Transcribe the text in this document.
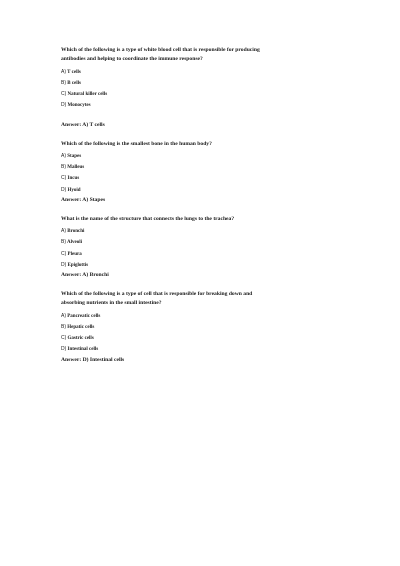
Which of the following is a type of white blood cell that is responsible for producing
antibodies and helping to coordinate the immune response?

A) T cells
B) B cells
C) Natural killer cells
D) Monocytes

Answer: A) T cells

Which of the following is the smallest bone in the human body?

A) Stapes
B) Malleus
C) Incus
D) Hyoid

Answer: A) Stapes

What is the name of the structure that connects the lungs to the trachea?

A) Bronchi
B) Alveoli
C) Pleura
D) Epiglottis

Answer: A) Bronchi

Which of the following is a type of cell that is responsible for breaking down and
absorbing nutrients in the small intestine?

A) Pancreatic cells
B) Hepatic cells
C) Gastric cells
D) Intestinal cells

Answer: D) Intestinal cells
